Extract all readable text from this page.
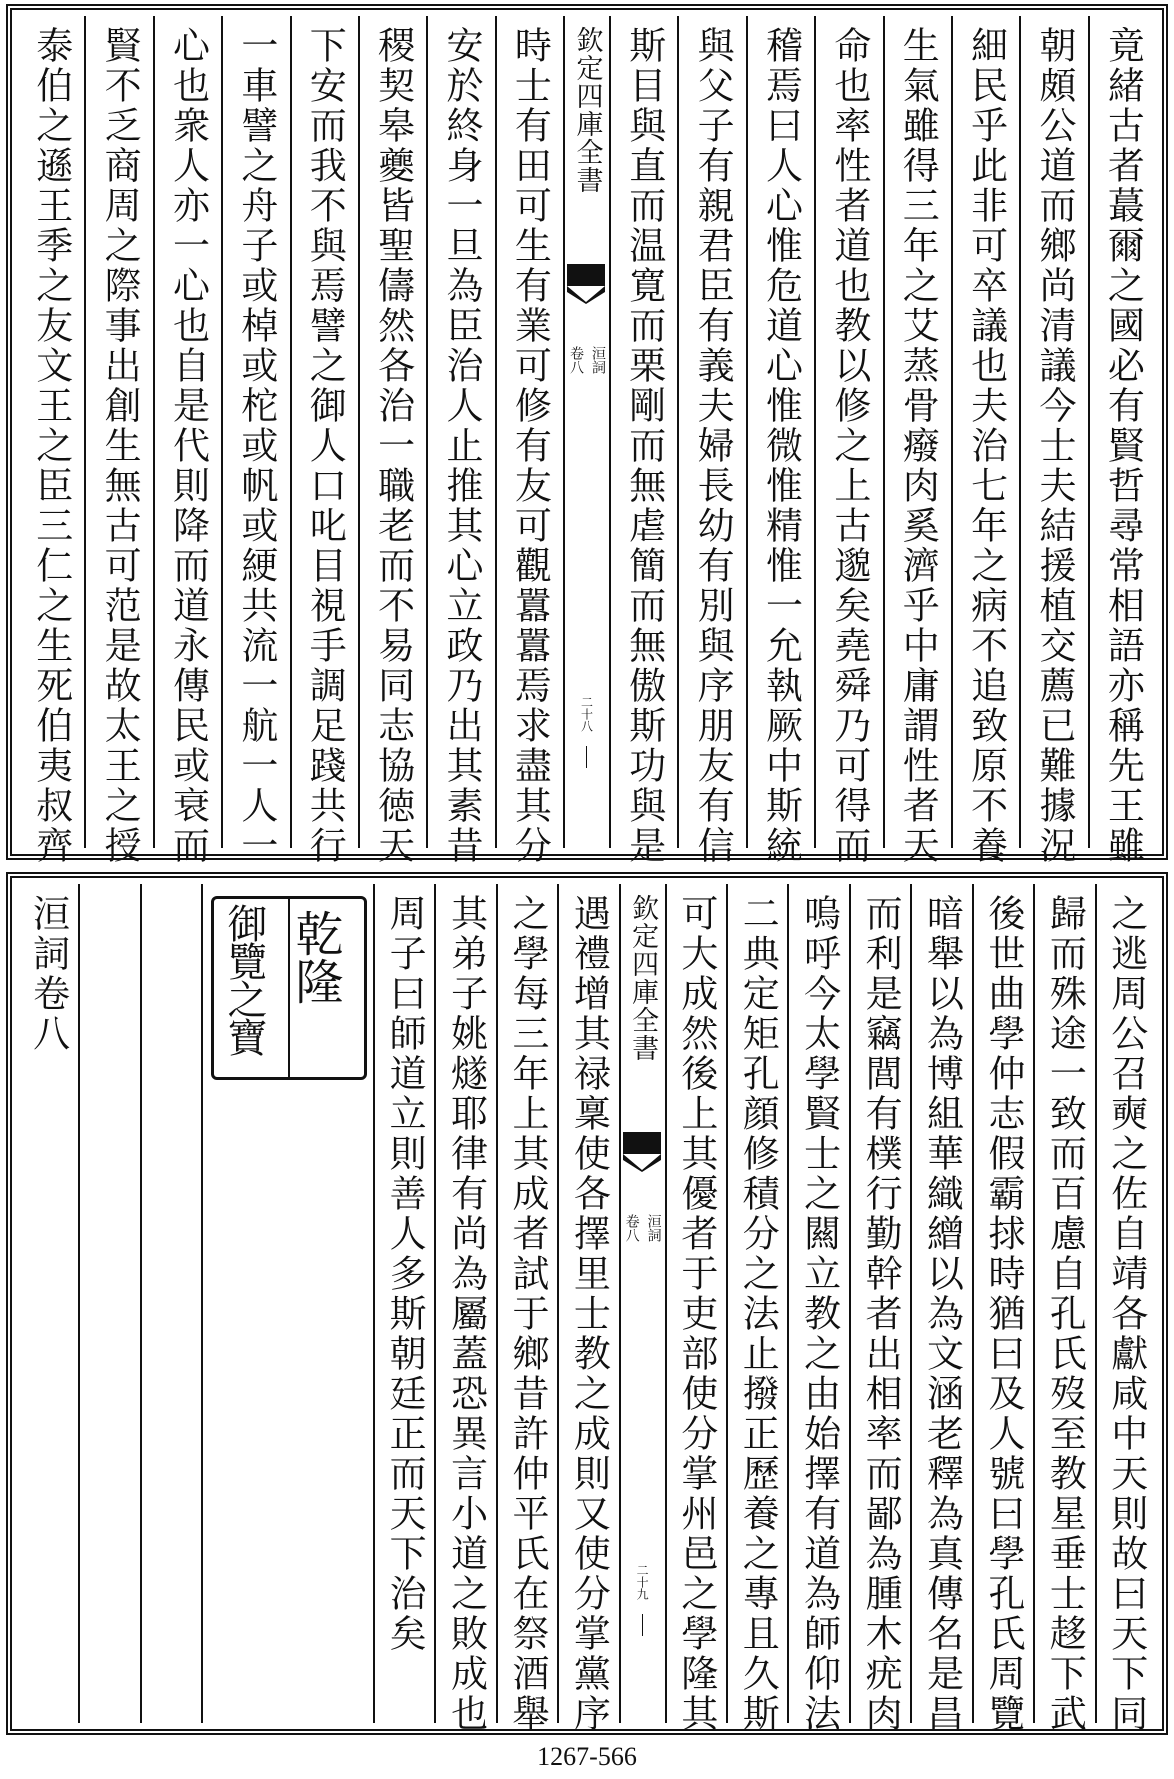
竟緒古者蕞爾之國必有賢哲尋常相語亦稱先王雖
朝頗公道而鄉尚清議今士夫結援植交薦已難據況
細民乎此非可卒議也夫治七年之病不追致原不養
生氣雖得三年之艾蒸骨癈肉奚濟乎中庸謂性者天
命也率性者道也教以修之上古邈矣堯舜乃可得而
稽焉曰人心惟危道心惟微惟精惟一允執厥中斯統
與父子有親君臣有義夫婦長幼有別與序朋友有信
斯目與直而温寛而栗剛而無虐簡而無傲斯功與是
欽定四庫全書
洹詞
卷八
二十八
時士有田可生有業可修有友可觀囂囂焉求盡其分
安於終身一旦為臣治人止推其心立政乃出其素昔
稷契皋夔皆聖儔然各治一職老而不易同志協徳天
下安而我不與焉譬之御人口叱目視手調足踐共行
一車譬之舟子或棹或柁或帆或綆共流一航一人一
心也衆人亦一心也自是代則降而道永傳民或衰而
賢不乏商周之際事出創生無古可范是故太王之授
泰伯之遜王季之友文王之臣三仁之生死伯夷叔齊
之逃周公召奭之佐自靖各獻咸中天則故曰天下同
歸而殊途一致而百慮自孔氏歿至教星垂士趍下武
後世曲學仲志假霸捄時猶曰及人號曰學孔氏周覽
暗舉以為博組華織繒以為文涵老釋為真傳名是昌
而利是竊閭有樸行勤幹者出相率而鄙為腫木疣肉
嗚呼今太學賢士之闗立教之由始擇有道為師仰法
二典定矩孔顔修積分之法止撥正歷養之專且久斯
可大成然後上其優者于吏部使分掌州邑之學隆其
欽定四庫全書
洹詞
卷八
二十九
遇禮增其禄稟使各擇里士教之成則又使分掌黨序
之學每三年上其成者試于鄉昔許仲平氏在祭酒舉
其弟子姚燧耶律有尚為屬蓋恐異言小道之敗成也
周子曰師道立則善人多斯朝廷正而天下治矣
乾隆
御覽之寶
洹詞卷八
1267-566
